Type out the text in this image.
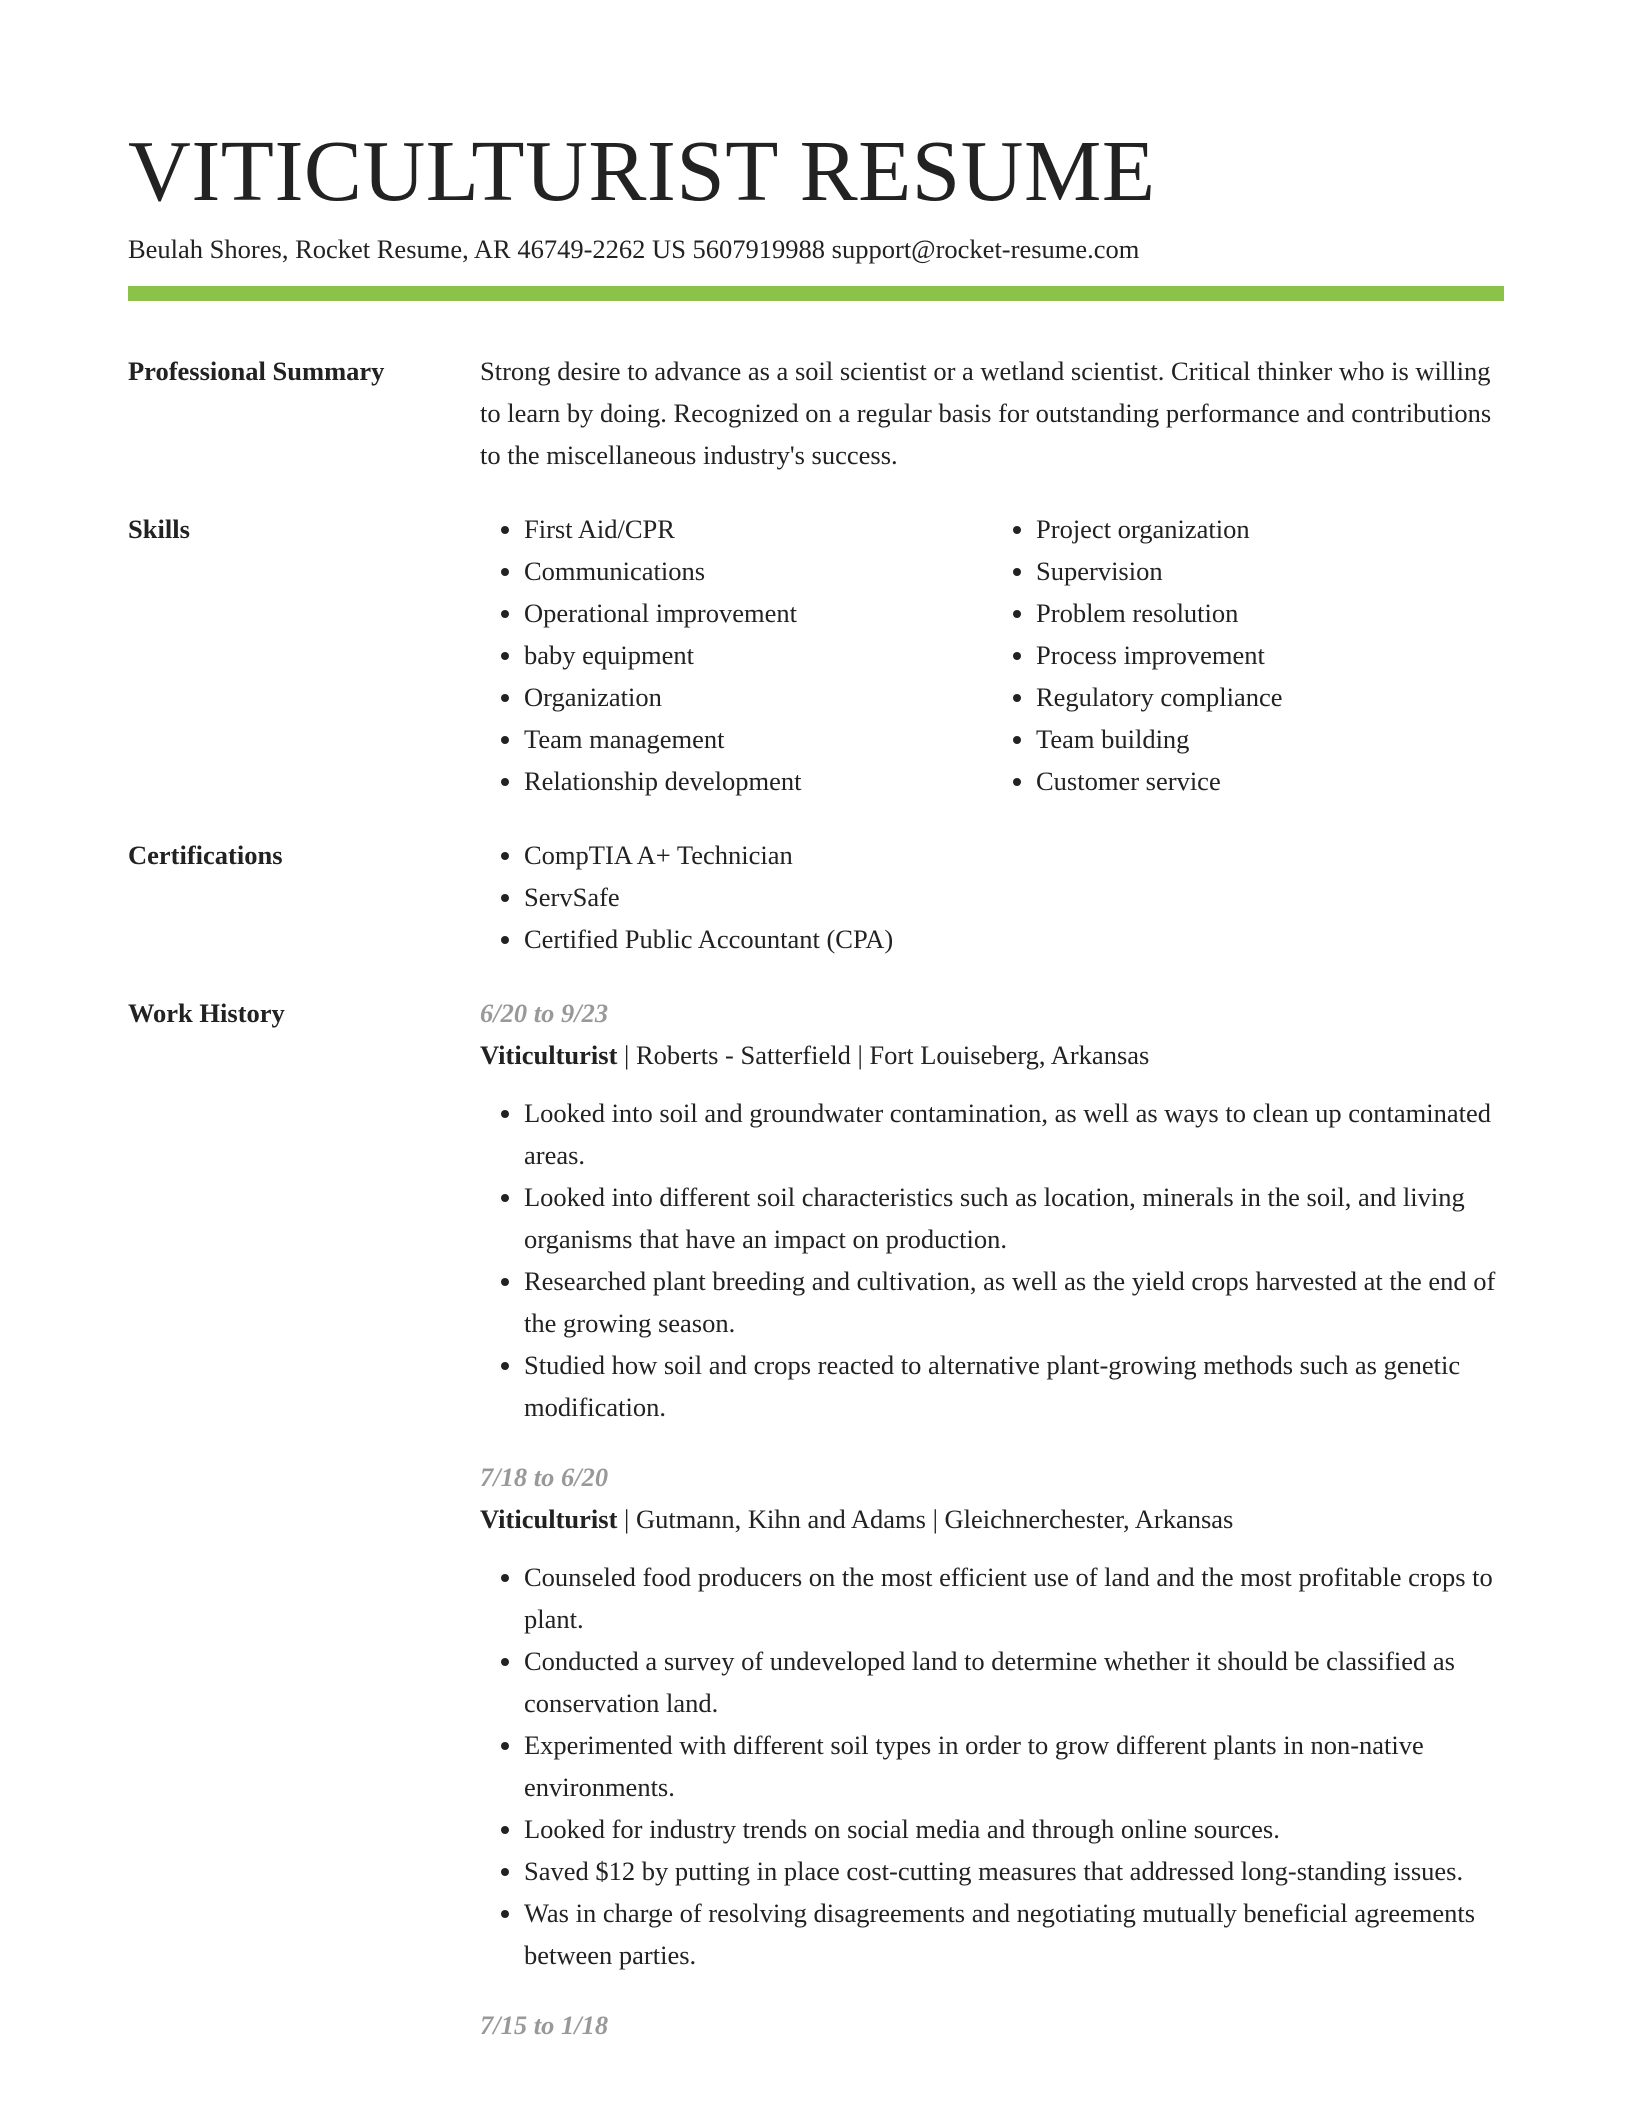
VITICULTURIST RESUME
Beulah Shores, Rocket Resume, AR 46749-2262 US 5607919988 support@rocket-resume.com
Professional Summary	Strong desire to advance as a soil scientist or a wetland scientist. Critical thinker who is willing to learn by doing. Recognized on a regular basis for outstanding performance and contributions to the miscellaneous industry's success.

Skills	• First Aid/CPR
• Communications
• Operational improvement
• baby equipment
• Organization
• Team management
• Relationship development
• Project organization
• Supervision
• Problem resolution
• Process improvement
• Regulatory compliance
• Team building
• Customer service
Certifications	• CompTIA A+ Technician
• ServSafe
• Certified Public Accountant (CPA)
Work History	6/20 to 9/23
Viticulturist | Roberts - Satterfield | Fort Louiseberg, Arkansas
• Looked into soil and groundwater contamination, as well as ways to clean up contaminated areas.
• Looked into different soil characteristics such as location, minerals in the soil, and living organisms that have an impact on production.
• Researched plant breeding and cultivation, as well as the yield crops harvested at the end of the growing season.
• Studied how soil and crops reacted to alternative plant-growing methods such as genetic modification.
7/18 to 6/20
Viticulturist | Gutmann, Kihn and Adams | Gleichnerchester, Arkansas
• Counseled food producers on the most efficient use of land and the most profitable crops to plant.
• Conducted a survey of undeveloped land to determine whether it should be classified as conservation land.
• Experimented with different soil types in order to grow different plants in non-native environments.
• Looked for industry trends on social media and through online sources.
• Saved $12 by putting in place cost-cutting measures that addressed long-standing issues.
• Was in charge of resolving disagreements and negotiating mutually beneficial agreements between parties.
7/15 to 1/18
